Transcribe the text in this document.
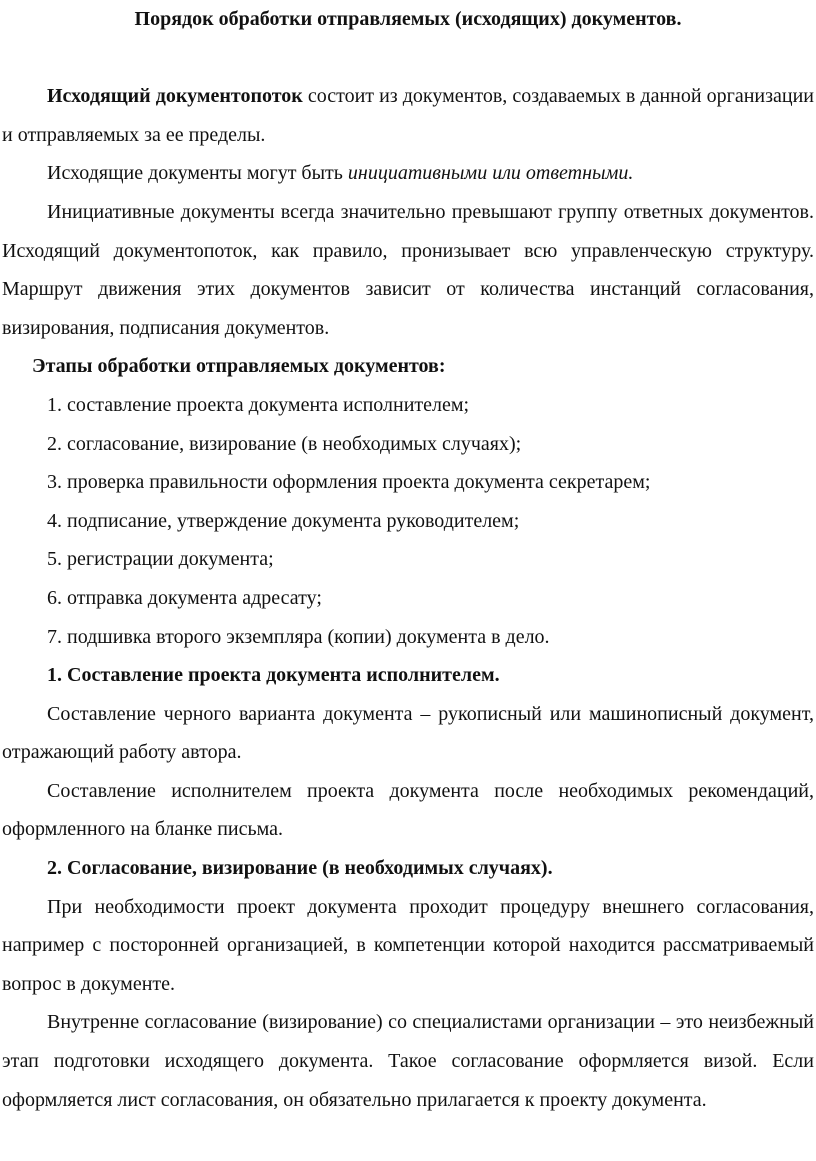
Порядок обработки отправляемых (исходящих) документов.

Исходящий документопоток состоит из документов, создаваемых в данной организации и отправляемых за ее пределы.

Исходящие документы могут быть инициативными или ответными.

Инициативные документы всегда значительно превышают группу ответных документов. Исходящий документопоток, как правило, пронизывает всю управленческую структуру. Маршрут движения этих документов зависит от количества инстанций согласования, визирования, подписания документов.

Этапы обработки отправляемых документов:

1. составление проекта документа исполнителем;

2. согласование, визирование (в необходимых случаях);

3. проверка правильности оформления проекта документа секретарем;

4. подписание, утверждение документа руководителем;

5. регистрации документа;

6. отправка документа адресату;

7. подшивка второго экземпляра (копии) документа в дело.

1. Составление проекта документа исполнителем.

Составление черного варианта документа – рукописный или машинописный документ, отражающий работу автора.

Составление исполнителем проекта документа после необходимых рекомендаций, оформленного на бланке письма.

2. Согласование, визирование (в необходимых случаях).

При необходимости проект документа проходит процедуру внешнего согласования, например с посторонней организацией, в компетенции которой находится рассматриваемый вопрос в документе.

Внутренне согласование (визирование) со специалистами организации – это неизбежный этап подготовки исходящего документа. Такое согласование оформляется визой. Если оформляется лист согласования, он обязательно прилагается к проекту документа.
